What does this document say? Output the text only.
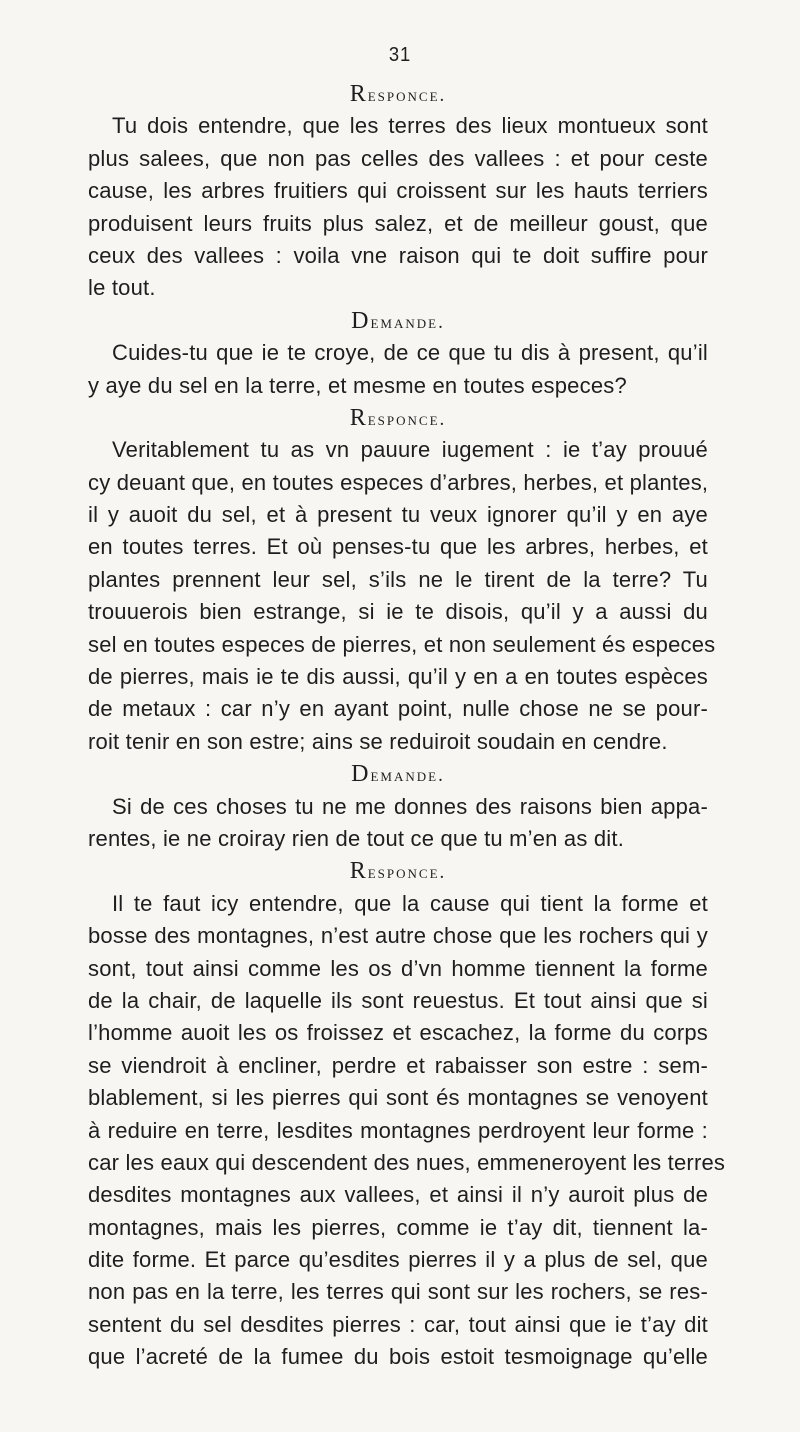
31
Responce.
Tu dois entendre, que les terres des lieux montueux sont
plus salees, que non pas celles des vallees : et pour ceste
cause, les arbres fruitiers qui croissent sur les hauts terriers
produisent leurs fruits plus salez, et de meilleur goust, que
ceux des vallees : voila vne raison qui te doit suffire pour
le tout.
Demande.
Cuides-tu que ie te croye, de ce que tu dis à present, qu’il
y aye du sel en la terre, et mesme en toutes especes?
Responce.
Veritablement tu as vn pauure iugement : ie t’ay prouué
cy deuant que, en toutes especes d’arbres, herbes, et plantes,
il y auoit du sel, et à present tu veux ignorer qu’il y en aye
en toutes terres. Et où penses-tu que les arbres, herbes, et
plantes prennent leur sel, s’ils ne le tirent de la terre? Tu
trouuerois bien estrange, si ie te disois, qu’il y a aussi du
sel en toutes especes de pierres, et non seulement és especes
de pierres, mais ie te dis aussi, qu’il y en a en toutes espèces
de metaux : car n’y en ayant point, nulle chose ne se pour-
roit tenir en son estre; ains se reduiroit soudain en cendre.
Demande.
Si de ces choses tu ne me donnes des raisons bien appa-
rentes, ie ne croiray rien de tout ce que tu m’en as dit.
Responce.
Il te faut icy entendre, que la cause qui tient la forme et
bosse des montagnes, n’est autre chose que les rochers qui y
sont, tout ainsi comme les os d’vn homme tiennent la forme
de la chair, de laquelle ils sont reuestus. Et tout ainsi que si
l’homme auoit les os froissez et escachez, la forme du corps
se viendroit à encliner, perdre et rabaisser son estre : sem-
blablement, si les pierres qui sont és montagnes se venoyent
à reduire en terre, lesdites montagnes perdroyent leur forme :
car les eaux qui descendent des nues, emmeneroyent les terres
desdites montagnes aux vallees, et ainsi il n’y auroit plus de
montagnes, mais les pierres, comme ie t’ay dit, tiennent la-
dite forme. Et parce qu’esdites pierres il y a plus de sel, que
non pas en la terre, les terres qui sont sur les rochers, se res-
sentent du sel desdites pierres : car, tout ainsi que ie t’ay dit
que l’acreté de la fumee du bois estoit tesmoignage qu’elle
